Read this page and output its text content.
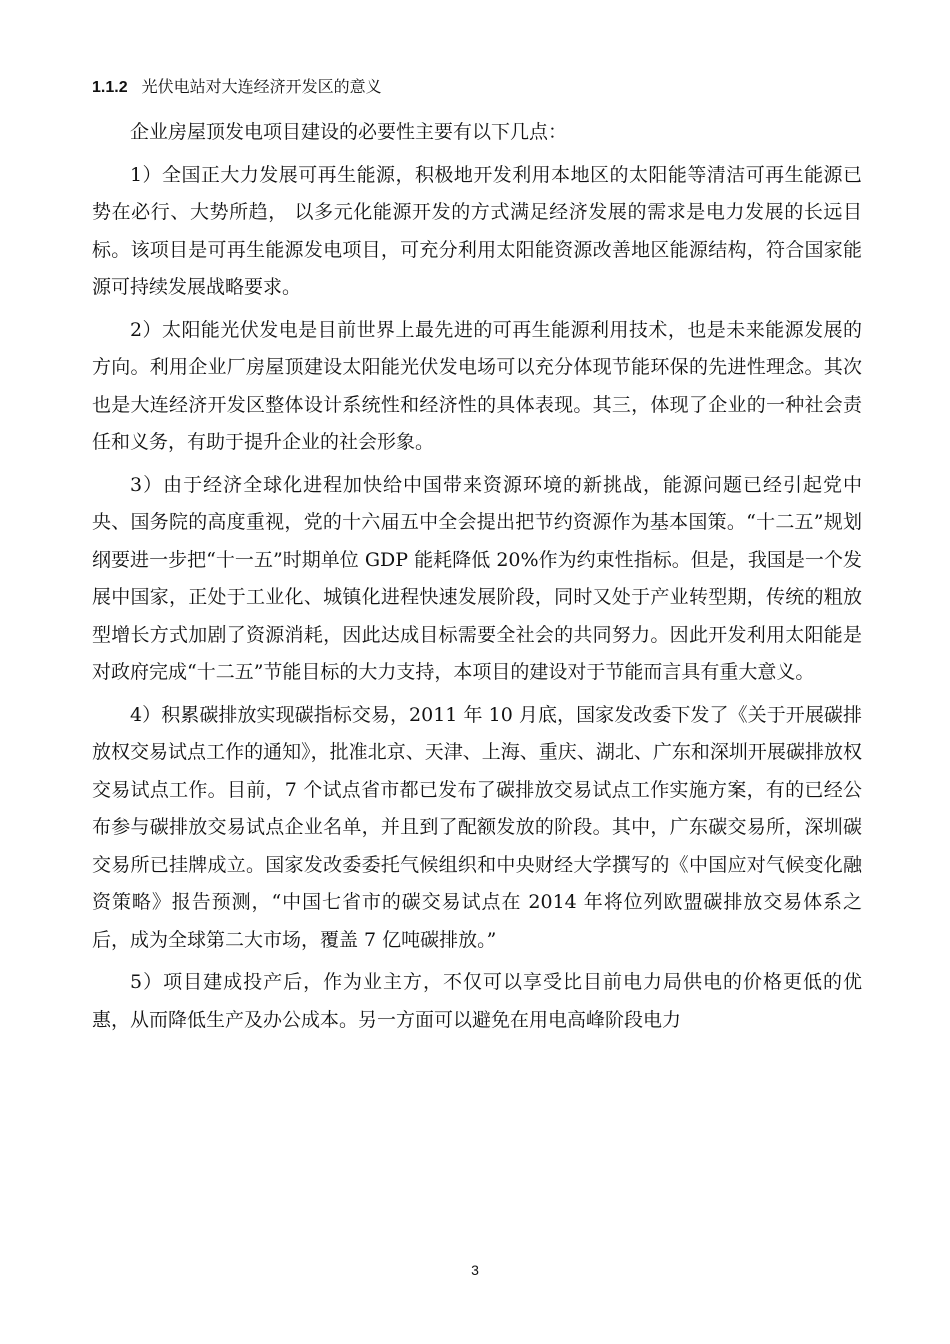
1.1.2 光伏电站对大连经济开发区的意义

企业房屋顶发电项目建设的必要性主要有以下几点：

1）全国正大力发展可再生能源，积极地开发利用本地区的太阳能等清洁可再生能源已势在必行、大势所趋， 以多元化能源开发的方式满足经济发展的需求是电力发展的长远目标。该项目是可再生能源发电项目，可充分利用太阳能资源改善地区能源结构，符合国家能源可持续发展战略要求。

2）太阳能光伏发电是目前世界上最先进的可再生能源利用技术，也是未来能源发展的方向。利用企业厂房屋顶建设太阳能光伏发电场可以充分体现节能环保的先进性理念。其次也是大连经济开发区整体设计系统性和经济性的具体表现。其三，体现了企业的一种社会责任和义务，有助于提升企业的社会形象。

3）由于经济全球化进程加快给中国带来资源环境的新挑战，能源问题已经引起党中央、国务院的高度重视，党的十六届五中全会提出把节约资源作为基本国策。“十二五”规划纲要进一步把“十一五”时期单位 GDP 能耗降低 20%作为约束性指标。但是，我国是一个发展中国家，正处于工业化、城镇化进程快速发展阶段，同时又处于产业转型期，传统的粗放型增长方式加剧了资源消耗，因此达成目标需要全社会的共同努力。因此开发利用太阳能是对政府完成“十二五”节能目标的大力支持，本项目的建设对于节能而言具有重大意义。

4）积累碳排放实现碳指标交易，2011 年 10 月底，国家发改委下发了《关于开展碳排放权交易试点工作的通知》，批准北京、天津、上海、重庆、湖北、广东和深圳开展碳排放权交易试点工作。目前，7 个试点省市都已发布了碳排放交易试点工作实施方案，有的已经公布参与碳排放交易试点企业名单，并且到了配额发放的阶段。其中，广东碳交易所，深圳碳交易所已挂牌成立。国家发改委委托气候组织和中央财经大学撰写的《中国应对气候变化融资策略》报告预测，“中国七省市的碳交易试点在 2014 年将位列欧盟碳排放交易体系之后，成为全球第二大市场，覆盖 7 亿吨碳排放。”

5）项目建成投产后，作为业主方，不仅可以享受比目前电力局供电的价格更低的优惠，从而降低生产及办公成本。另一方面可以避免在用电高峰阶段电力

3
